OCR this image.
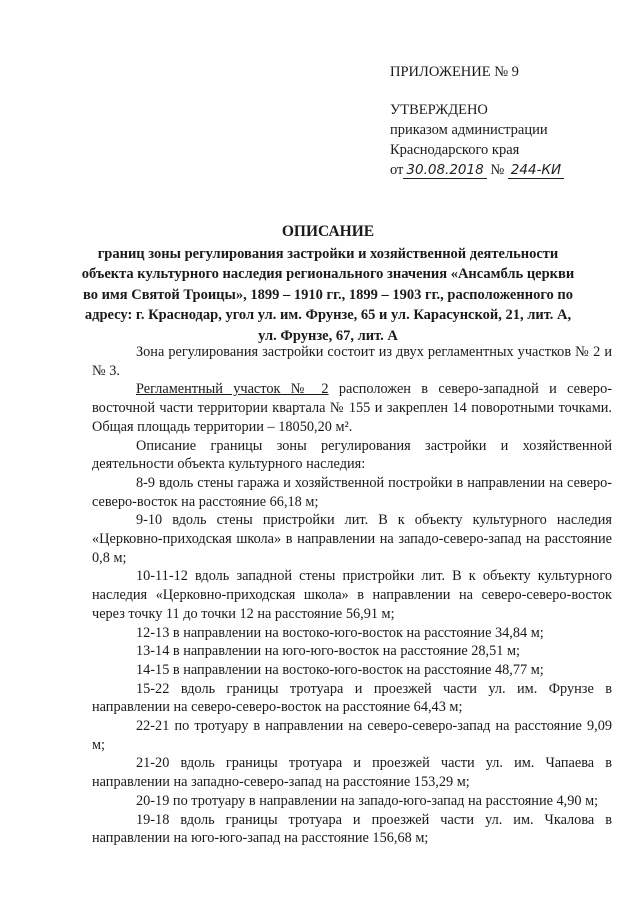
ПРИЛОЖЕНИЕ № 9
УТВЕРЖДЕНО
приказом администрации
Краснодарского края
от 30.08.2018 № 244-КИ
ОПИСАНИЕ
границ зоны регулирования застройки и хозяйственной деятельности объекта культурного наследия регионального значения «Ансамбль церкви во имя Святой Троицы», 1899 – 1910 гг., 1899 – 1903 гг., расположенного по адресу: г. Краснодар, угол ул. им. Фрунзе, 65 и ул. Карасунской, 21, лит. А, ул. Фрунзе, 67, лит. А

Зона регулирования застройки состоит из двух регламентных участков № 2 и № 3.

Регламентный участок № 2 расположен в северо-западной и северо-восточной части территории квартала № 155 и закреплен 14 поворотными точками. Общая площадь территории – 18050,20 м².

Описание границы зоны регулирования застройки и хозяйственной деятельности объекта культурного наследия:

8-9 вдоль стены гаража и хозяйственной постройки в направлении на северо-северо-восток на расстояние 66,18 м;

9-10 вдоль стены пристройки лит. В к объекту культурного наследия «Церковно-приходская школа» в направлении на западо-северо-запад на расстояние 0,8 м;

10-11-12 вдоль западной стены пристройки лит. В к объекту культурного наследия «Церковно-приходская школа» в направлении на северо-северо-восток через точку 11 до точки 12 на расстояние 56,91 м;

12-13 в направлении на востоко-юго-восток на расстояние 34,84 м;

13-14 в направлении на юго-юго-восток на расстояние 28,51 м;

14-15 в направлении на востоко-юго-восток на расстояние 48,77 м;

15-22 вдоль границы тротуара и проезжей части ул. им. Фрунзе в направлении на северо-северо-восток на расстояние 64,43 м;

22-21 по тротуару в направлении на северо-северо-запад на расстояние 9,09 м;

21-20 вдоль границы тротуара и проезжей части ул. им. Чапаева в направлении на западно-северо-запад на расстояние 153,29 м;

20-19 по тротуару в направлении на западо-юго-запад на расстояние 4,90 м;

19-18 вдоль границы тротуара и проезжей части ул. им. Чкалова в направлении на юго-юго-запад на расстояние 156,68 м;
